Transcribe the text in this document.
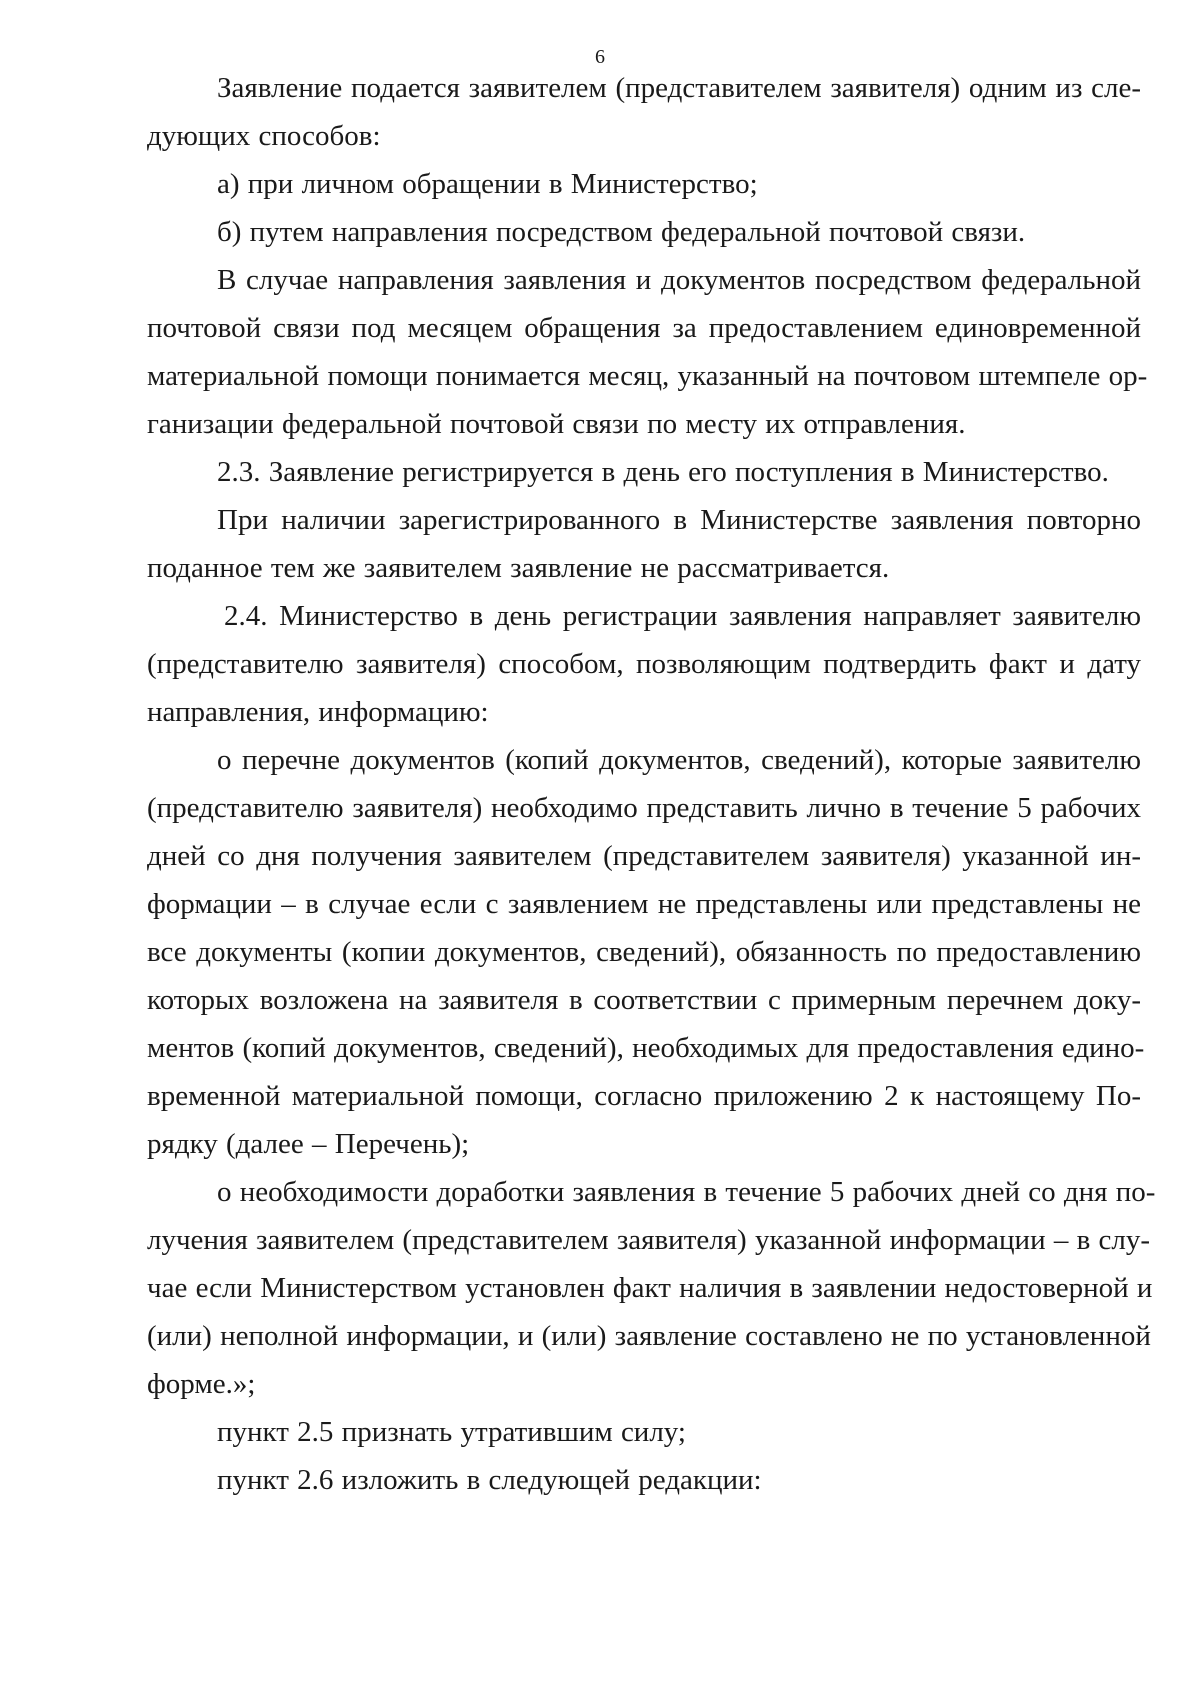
6
Заявление подается заявителем (представителем заявителя) одним из сле-
дующих способов:
а) при личном обращении в Министерство;
б) путем направления посредством федеральной почтовой связи.
В случае направления заявления и документов посредством федеральной
почтовой связи под месяцем обращения за предоставлением единовременной
материальной помощи понимается месяц, указанный на почтовом штемпеле ор-
ганизации федеральной почтовой связи по месту их отправления.
2.3. Заявление регистрируется в день его поступления в Министерство.
При наличии зарегистрированного в Министерстве заявления повторно
поданное тем же заявителем заявление не рассматривается.
2.4. Министерство в день регистрации заявления направляет заявителю
(представителю заявителя) способом, позволяющим подтвердить факт и дату
направления, информацию:
о перечне документов (копий документов, сведений), которые заявителю
(представителю заявителя) необходимо представить лично в течение 5 рабочих
дней со дня получения заявителем (представителем заявителя) указанной ин-
формации – в случае если с заявлением не представлены или представлены не
все документы (копии документов, сведений), обязанность по предоставлению
которых возложена на заявителя в соответствии с примерным перечнем доку-
ментов (копий документов, сведений), необходимых для предоставления едино-
временной материальной помощи, согласно приложению 2 к настоящему По-
рядку (далее – Перечень);
о необходимости доработки заявления в течение 5 рабочих дней со дня по-
лучения заявителем (представителем заявителя) указанной информации – в слу-
чае если Министерством установлен факт наличия в заявлении недостоверной и
(или) неполной информации, и (или) заявление составлено не по установленной
форме.»;
пункт 2.5 признать утратившим силу;
пункт 2.6 изложить в следующей редакции:
